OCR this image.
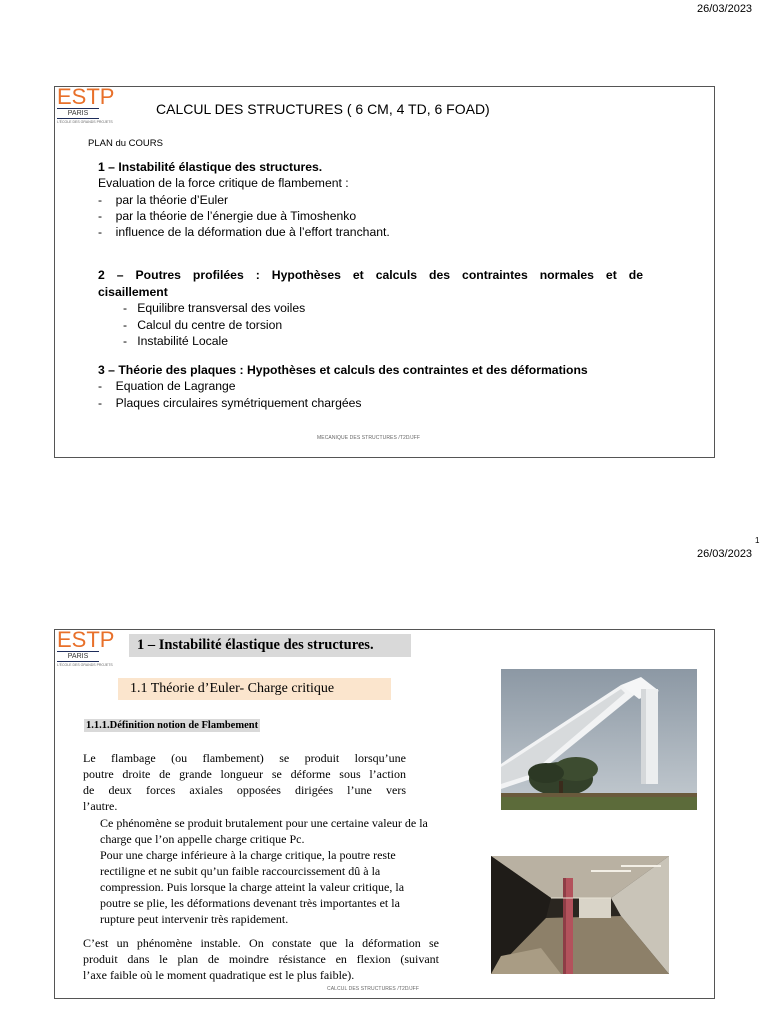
26/03/2023
ESTP
PARIS
L'ÉCOLE DES GRANDS PROJETS
CALCUL DES STRUCTURES ( 6 CM, 4 TD, 6 FOAD)
PLAN du COURS
1 – Instabilité élastique des structures.
Evaluation de la force critique de flambement :
-    par la théorie d’Euler
-    par la théorie de l’énergie due à Timoshenko
-    influence de la déformation due à l’effort tranchant.
2 – Poutres profilées : Hypothèses et calculs des contraintes normales et de
cisaillement
-   Equilibre transversal des voiles
-   Calcul du centre de torsion
-   Instabilité Locale
3 – Théorie des plaques : Hypothèses et calculs des contraintes et des déformations
-    Equation de Lagrange
-    Plaques circulaires symétriquement chargées
MECANIQUE DES STRUCTURES /T2D/JFF
1
26/03/2023
ESTP
PARIS
L'ÉCOLE DES GRANDS PROJETS
1 – Instabilité élastique des structures.
1.1 Théorie d’Euler- Charge critique
1.1.1.Définition notion de Flambement
Le flambage (ou flambement) se produit lorsqu’une
poutre droite de grande longueur se déforme sous l’action
de deux forces axiales opposées dirigées l’une vers
l’autre.
Ce phénomène se produit brutalement pour une certaine valeur de la
charge que l’on appelle charge critique Pc.
Pour une charge inférieure à la charge critique, la poutre reste
rectiligne et ne subit qu’un faible raccourcissement dû à la
compression. Puis lorsque la charge atteint la valeur critique, la
poutre se plie, les déformations devenant très importantes et la
rupture peut intervenir très rapidement.
C’est un phénomène instable. On constate que la déformation se
produit dans le plan de moindre résistance en flexion (suivant
l’axe faible où le moment quadratique est le plus faible).
CALCUL DES STRUCTURES /T2D/JFF
